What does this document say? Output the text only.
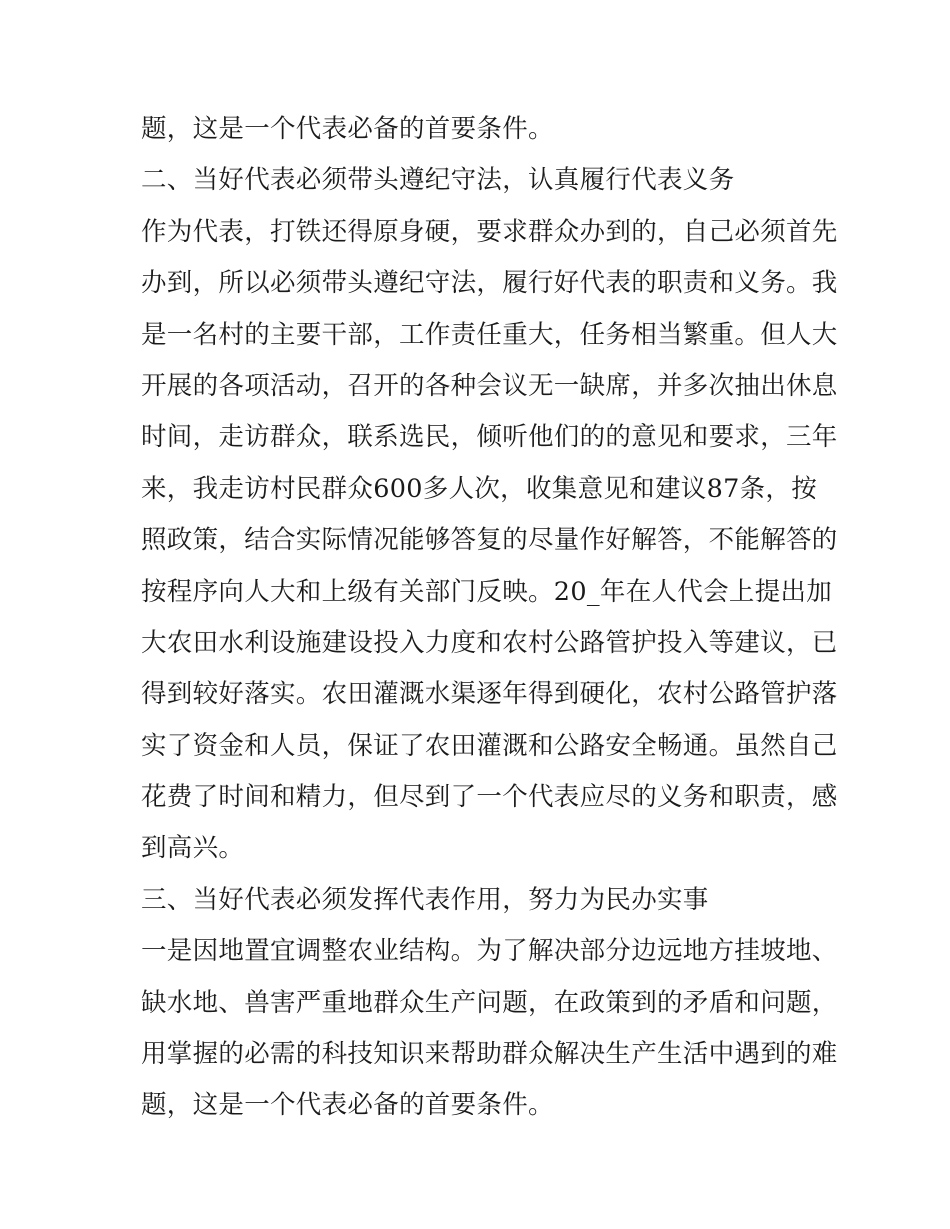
题，这是一个代表必备的首要条件。
二、当好代表必须带头遵纪守法，认真履行代表义务
作为代表，打铁还得原身硬，要求群众办到的，自己必须首先
办到，所以必须带头遵纪守法，履行好代表的职责和义务。我
是一名村的主要干部，工作责任重大，任务相当繁重。但人大
开展的各项活动，召开的各种会议无一缺席，并多次抽出休息
时间，走访群众，联系选民，倾听他们的的意见和要求，三年
来，我走访村民群众600多人次，收集意见和建议87条，按
照政策，结合实际情况能够答复的尽量作好解答，不能解答的
按程序向人大和上级有关部门反映。20_年在人代会上提出加
大农田水利设施建设投入力度和农村公路管护投入等建议，已
得到较好落实。农田灌溉水渠逐年得到硬化，农村公路管护落
实了资金和人员，保证了农田灌溉和公路安全畅通。虽然自己
花费了时间和精力，但尽到了一个代表应尽的义务和职责，感
到高兴。
三、当好代表必须发挥代表作用，努力为民办实事
一是因地置宜调整农业结构。为了解决部分边远地方挂坡地、
缺水地、兽害严重地群众生产问题，在政策到的矛盾和问题，
用掌握的必需的科技知识来帮助群众解决生产生活中遇到的难
题，这是一个代表必备的首要条件。
